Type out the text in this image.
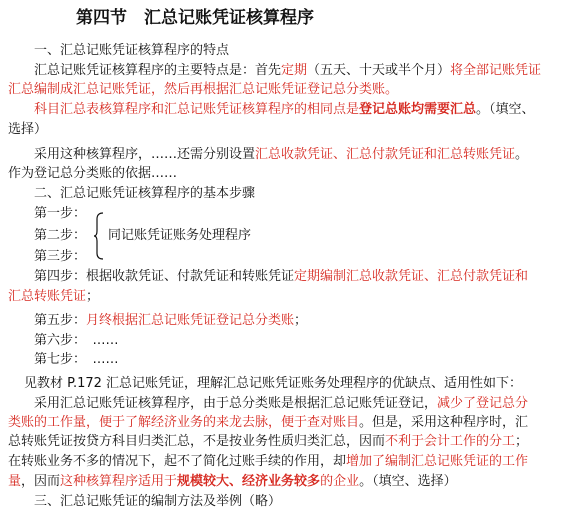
第四节　汇总记账凭证核算程序
一、汇总记账凭证核算程序的特点
汇总记账凭证核算程序的主要特点是：首先定期（五天、十天或半个月）将全部记账凭证
汇总编制成汇总记账凭证，然后再根据汇总记账凭证登记总分类账。
科目汇总表核算程序和汇总记账凭证核算程序的相同点是登记总账均需要汇总。（填空、
选择）
采用这种核算程序，……还需分别设置汇总收款凭证、汇总付款凭证和汇总转账凭证。
作为登记总分类账的依据……
二、汇总记账凭证核算程序的基本步骤
第一步：
第二步：
第三步：
同记账凭证账务处理程序
第四步：根据收款凭证、付款凭证和转账凭证定期编制汇总收款凭证、汇总付款凭证和
汇总转账凭证；
第五步：月终根据汇总记账凭证登记总分类账；
第六步：　……
第七步：　……
见教材 P.172 汇总记账凭证，理解汇总记账凭证账务处理程序的优缺点、适用性如下：
采用汇总记账凭证核算程序，由于总分类账是根据汇总记账凭证登记，减少了登记总分
类账的工作量，便于了解经济业务的来龙去脉，便于查对账目。但是，采用这种程序时，汇
总转账凭证按贷方科目归类汇总，不是按业务性质归类汇总，因而不利于会计工作的分工；
在转账业务不多的情况下，起不了简化过账手续的作用，却增加了编制汇总记账凭证的工作
量，因而这种核算程序适用于规模较大、经济业务较多的企业。（填空、选择）
三、汇总记账凭证的编制方法及举例（略）
